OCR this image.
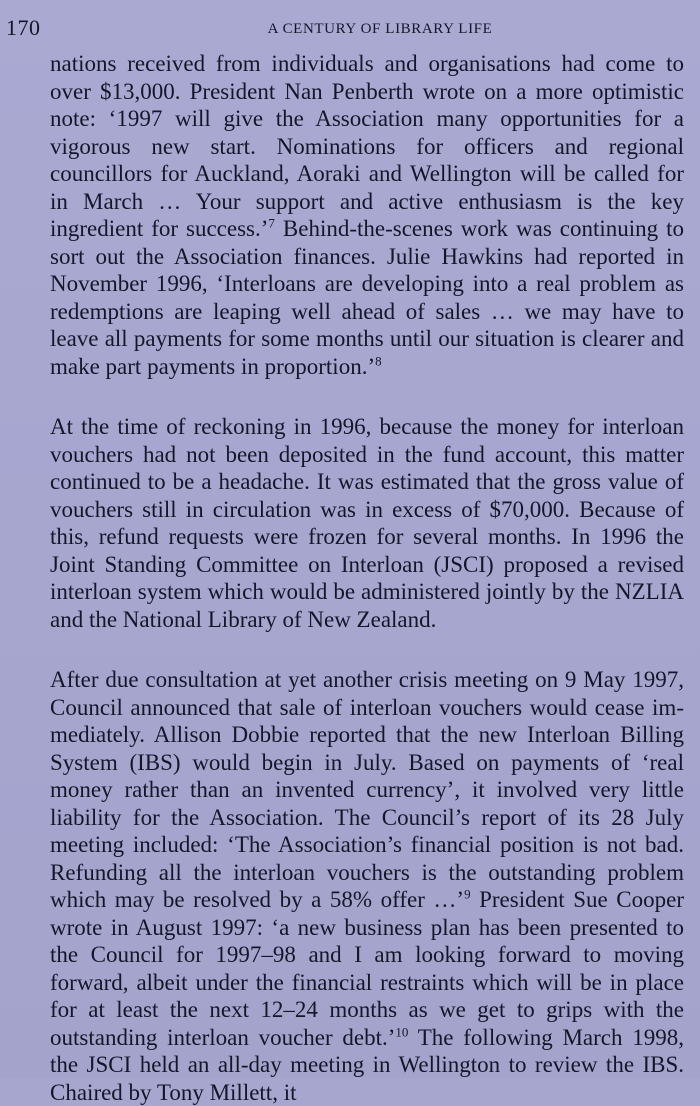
170	A CENTURY OF LIBRARY LIFE

nations received from individuals and organisations had come to over $13,000. President Nan Penberth wrote on a more optimistic note: ‘1997 will give the Association many opportunities for a vigorous new start. Nominations for officers and regional councillors for Auckland, Aoraki and Wellington will be called for in March … Your support and active enthusiasm is the key ingredient for success.’$^7$ Behind-the-scenes work was continuing to sort out the Association finances. Julie Hawkins had reported in November 1996, ‘Interloans are developing into a real problem as redemptions are leaping well ahead of sales … we may have to leave all payments for some months until our situation is clearer and make part payments in proportion.’$^8$

At the time of reckoning in 1996, because the money for interloan vouchers had not been deposited in the fund account, this matter continued to be a headache. It was estimated that the gross value of vouchers still in circulation was in excess of $70,000. Because of this, refund requests were frozen for several months. In 1996 the Joint Standing Committee on Interloan (JSCI) proposed a revised interloan system which would be administered jointly by the NZLIA and the National Library of New Zealand.

After due consultation at yet another crisis meeting on 9 May 1997, Council announced that sale of interloan vouchers would cease immediately. Allison Dobbie reported that the new Interloan Billing System (IBS) would begin in July. Based on payments of ‘real money rather than an invented currency’, it involved very little liability for the Association. The Council’s report of its 28 July meeting included: ‘The Association’s financial position is not bad. Refunding all the interloan vouchers is the outstanding problem which may be resolved by a 58% offer …’$^9$ President Sue Cooper wrote in August 1997: ‘a new business plan has been presented to the Council for 1997–98 and I am looking forward to moving forward, albeit under the financial restraints which will be in place for at least the next 12–24 months as we get to grips with the outstanding interloan voucher debt.’$^{10}$ The following March 1998, the JSCI held an all-day meeting in Wellington to review the IBS. Chaired by Tony Millett, it
